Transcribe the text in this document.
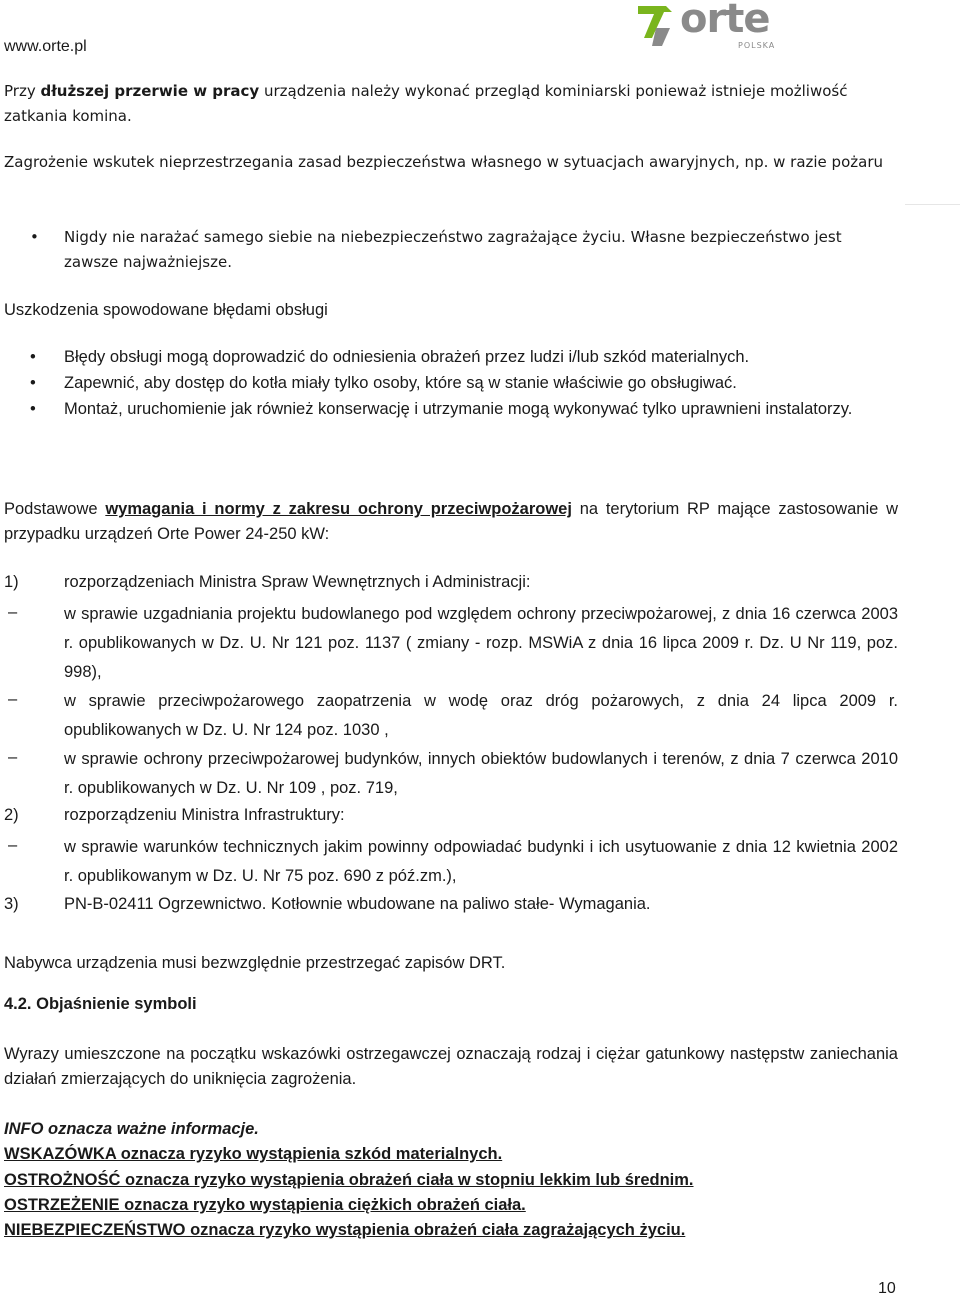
www.orte.pl
orte
POLSKA
Przy dłuższej przerwie w pracy urządzenia należy wykonać przegląd kominiarski ponieważ istnieje możliwość zatkania komina.
Zagrożenie wskutek nieprzestrzegania zasad bezpieczeństwa własnego w sytuacjach awaryjnych, np. w razie pożaru
•	Nigdy nie narażać samego siebie na niebezpieczeństwo zagrażające życiu. Własne bezpieczeństwo jest zawsze najważniejsze.
Uszkodzenia spowodowane błędami obsługi
• Błędy obsługi mogą doprowadzić do odniesienia obrażeń przez ludzi i/lub szkód materialnych.
• Zapewnić, aby dostęp do kotła miały tylko osoby, które są w stanie właściwie go obsługiwać.
• Montaż, uruchomienie jak również konserwację i utrzymanie mogą wykonywać tylko uprawnieni instalatorzy.
Podstawowe wymagania i normy z zakresu ochrony przeciwpożarowej na terytorium RP mające zastosowanie w przypadku urządzeń Orte Power 24-250 kW:
1)	rozporządzeniach Ministra Spraw Wewnętrznych i Administracji:
–	w sprawie uzgadniania projektu budowlanego pod względem ochrony przeciwpożarowej, z dnia 16 czerwca 2003 r. opublikowanych w Dz. U. Nr 121 poz. 1137 ( zmiany - rozp. MSWiA z dnia 16 lipca 2009 r. Dz. U Nr 119, poz. 998),
–	w sprawie przeciwpożarowego zaopatrzenia w wodę oraz dróg pożarowych, z dnia 24 lipca 2009 r. opublikowanych w Dz. U. Nr 124 poz. 1030 ,
–	w sprawie ochrony przeciwpożarowej budynków, innych obiektów budowlanych i terenów, z dnia 7 czerwca 2010 r. opublikowanych w Dz. U. Nr 109 , poz. 719,
2)	rozporządzeniu Ministra Infrastruktury:
–	w sprawie warunków technicznych jakim powinny odpowiadać budynki i ich usytuowanie z dnia 12 kwietnia 2002 r. opublikowanym w Dz. U. Nr 75 poz. 690 z póź.zm.),
3)	PN-B-02411 Ogrzewnictwo. Kotłownie wbudowane na paliwo stałe- Wymagania.
Nabywca urządzenia musi bezwzględnie przestrzegać zapisów DRT.
4.2. Objaśnienie symboli
Wyrazy umieszczone na początku wskazówki ostrzegawczej oznaczają rodzaj i ciężar gatunkowy następstw zaniechania działań zmierzających do uniknięcia zagrożenia.
INFO oznacza ważne informacje.
WSKAZÓWKA oznacza ryzyko wystąpienia szkód materialnych.
OSTROŻNOŚĆ oznacza ryzyko wystąpienia obrażeń ciała w stopniu lekkim lub średnim.
OSTRZEŻENIE oznacza ryzyko wystąpienia ciężkich obrażeń ciała.
NIEBEZPIECZEŃSTWO oznacza ryzyko wystąpienia obrażeń ciała zagrażających życiu.
10
